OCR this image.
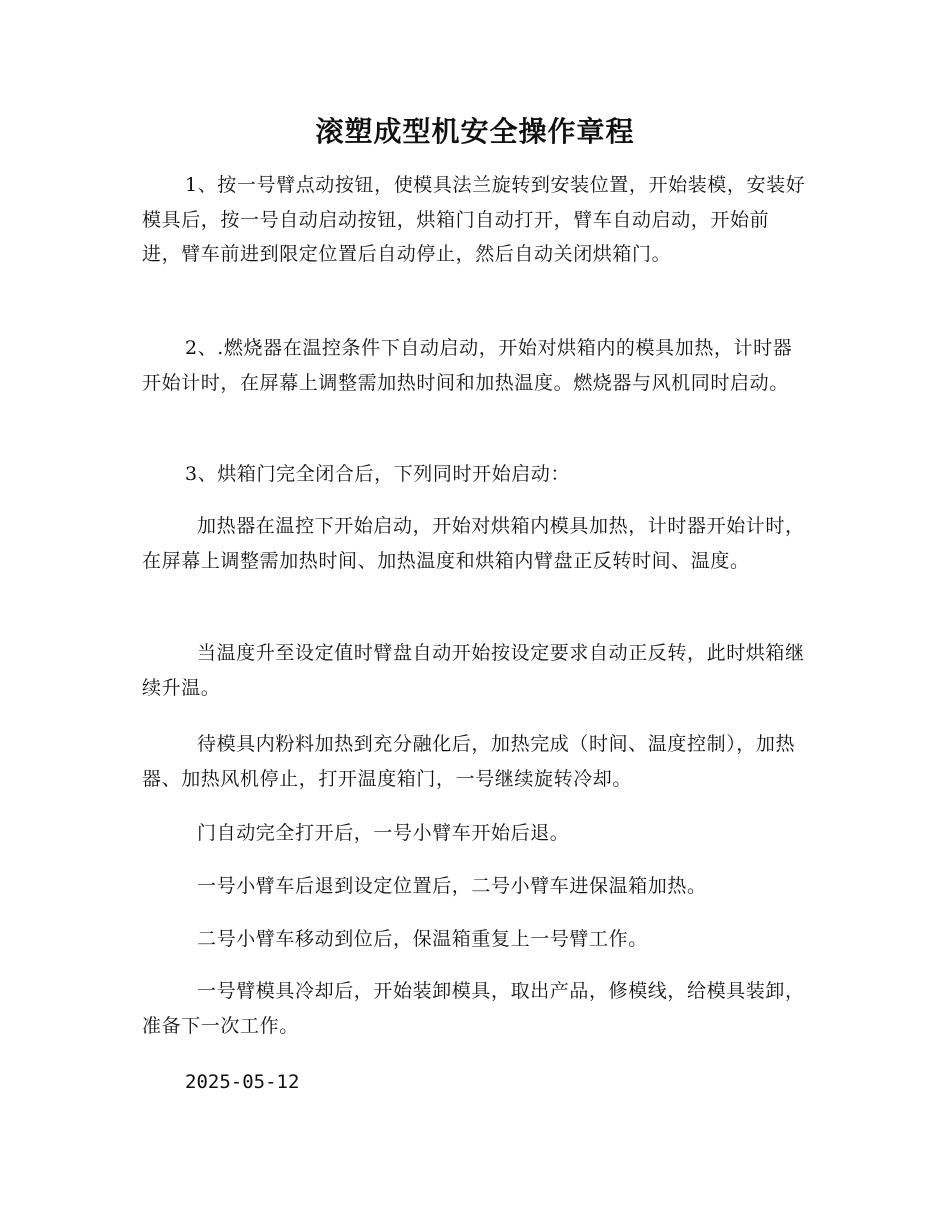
滚塑成型机安全操作章程

1、按一号臂点动按钮，使模具法兰旋转到安装位置，开始装模，安装好模具后，按一号自动启动按钮，烘箱门自动打开，臂车自动启动，开始前进，臂车前进到限定位置后自动停止，然后自动关闭烘箱门。

2、.燃烧器在温控条件下自动启动，开始对烘箱内的模具加热，计时器开始计时，在屏幕上调整需加热时间和加热温度。燃烧器与风机同时启动。

3、烘箱门完全闭合后，下列同时开始启动：

加热器在温控下开始启动，开始对烘箱内模具加热，计时器开始计时，在屏幕上调整需加热时间、加热温度和烘箱内臂盘正反转时间、温度。

当温度升至设定值时臂盘自动开始按设定要求自动正反转，此时烘箱继续升温。

待模具内粉料加热到充分融化后，加热完成（时间、温度控制），加热器、加热风机停止，打开温度箱门，一号继续旋转冷却。

门自动完全打开后，一号小臂车开始后退。

一号小臂车后退到设定位置后，二号小臂车进保温箱加热。

二号小臂车移动到位后，保温箱重复上一号臂工作。

一号臂模具冷却后，开始装卸模具，取出产品，修模线，给模具装卸，准备下一次工作。

2025-05-12
